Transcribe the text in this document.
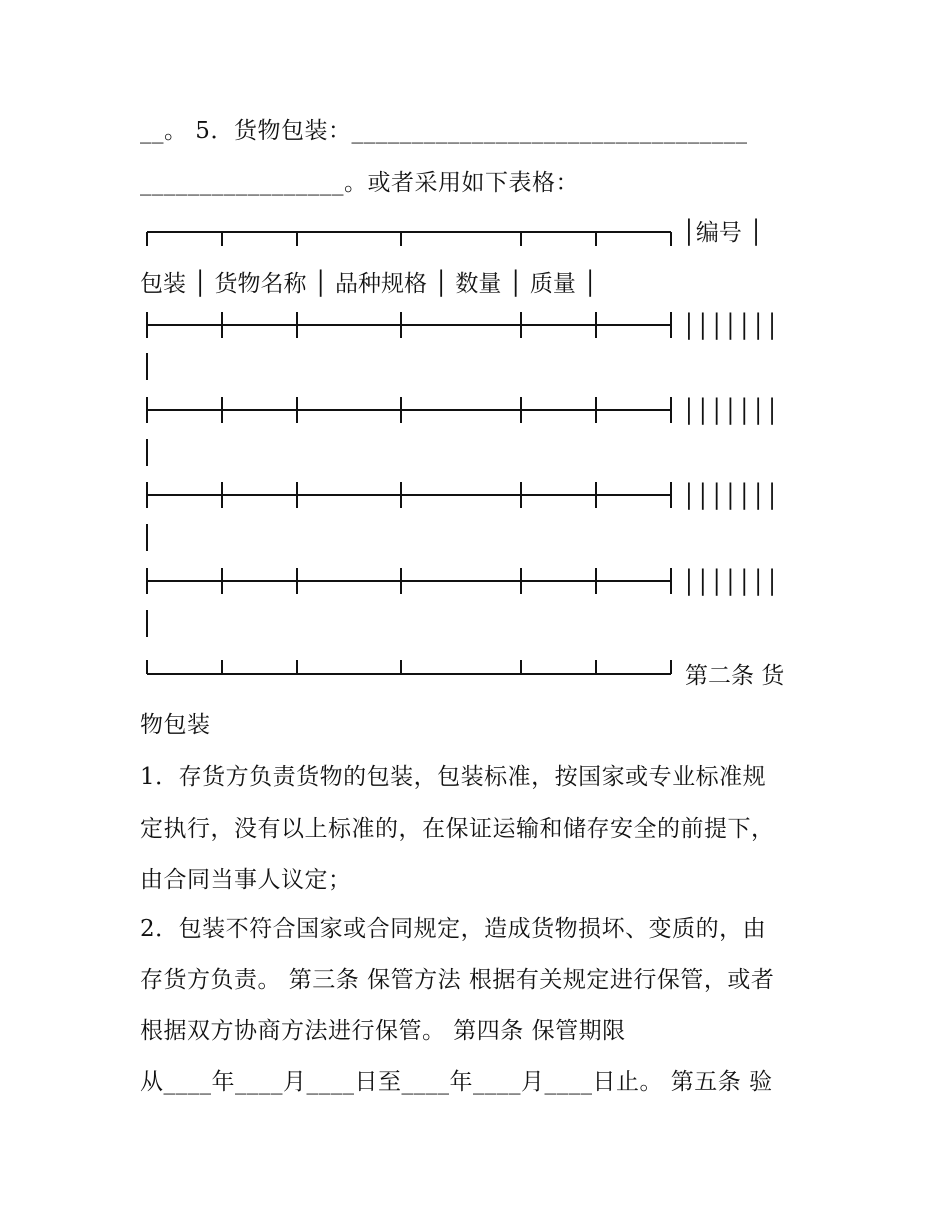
__。 5．货物包装：_________________________________
_________________。或者采用如下表格：
│编号 │
包装 │ 货物名称 │ 品种规格 │ 数量 │ 质量 │
│││││││
│││││││
│││││││
│││││││
第二条 货
物包装
1．存货方负责货物的包装，包装标准，按国家或专业标准规
定执行，没有以上标准的，在保证运输和储存安全的前提下，
由合同当事人议定；
2．包装不符合国家或合同规定，造成货物损坏、变质的，由
存货方负责。 第三条 保管方法 根据有关规定进行保管，或者
根据双方协商方法进行保管。 第四条 保管期限
从____年____月____日至____年____月____日止。 第五条 验
